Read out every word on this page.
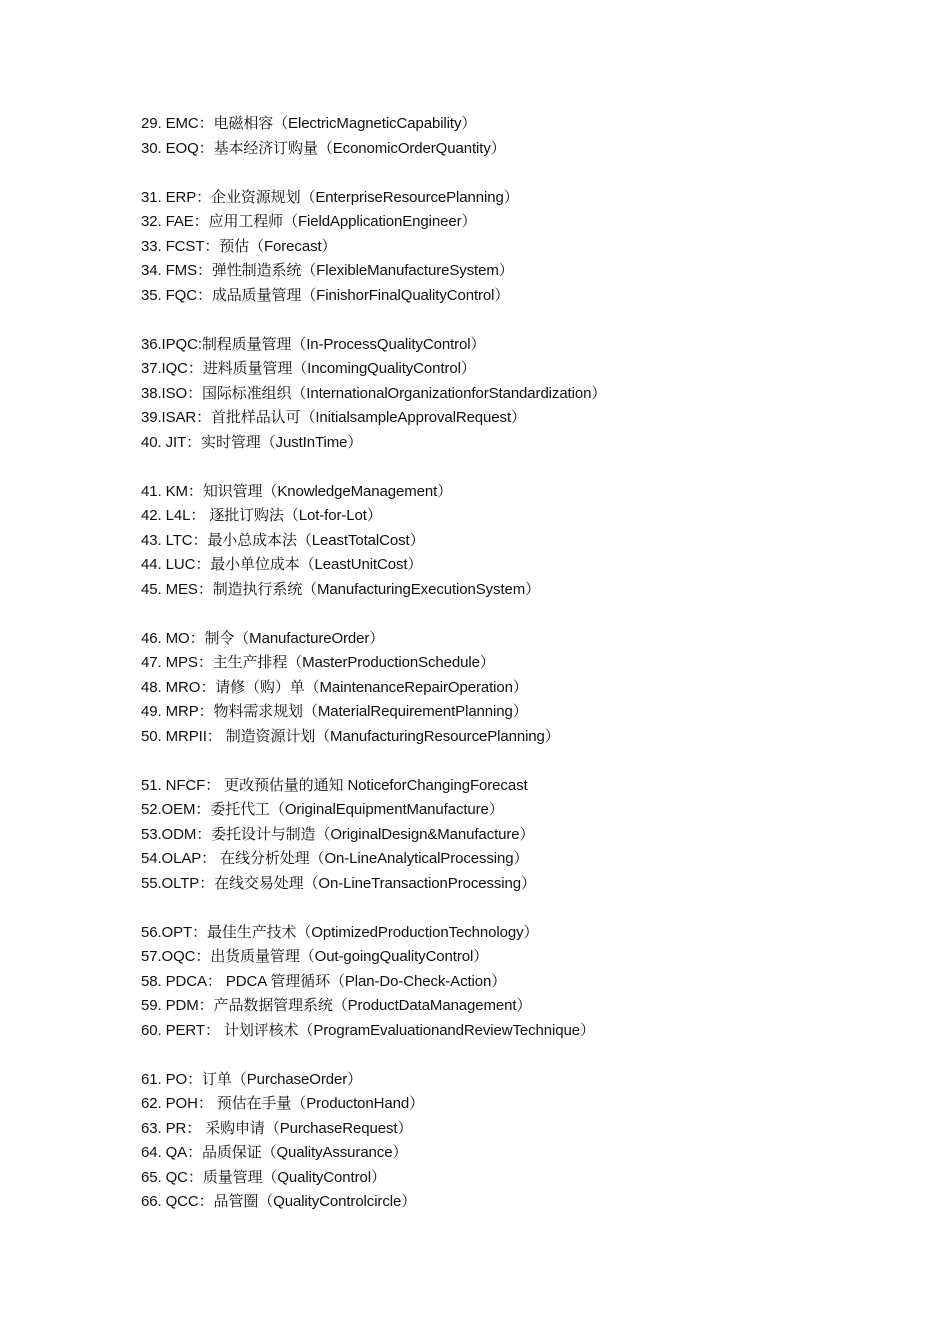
29. EMC：电磁相容（ElectricMagneticCapability）
30. EOQ：基本经济订购量（EconomicOrderQuantity）
31. ERP：企业资源规划（EnterpriseResourcePlanning）
32. FAE：应用工程师（FieldApplicationEngineer）
33. FCST：预估（Forecast）
34. FMS：弹性制造系统（FlexibleManufactureSystem）
35. FQC：成品质量管理（FinishorFinalQualityControl）
36.IPQC:制程质量管理（In-ProcessQualityControl）
37.IQC：进料质量管理（IncomingQualityControl）
38.ISO：国际标准组织（InternationalOrganizationforStandardization）
39.ISAR：首批样品认可（InitialsampleApprovalRequest）
40. JIT：实时管理（JustInTime）
41. KM：知识管理（KnowledgeManagement）
42. L4L： 逐批订购法（Lot-for-Lot）
43. LTC：最小总成本法（LeastTotalCost）
44. LUC：最小单位成本（LeastUnitCost）
45. MES：制造执行系统（ManufacturingExecutionSystem）
46. MO：制令（ManufactureOrder）
47. MPS：主生产排程（MasterProductionSchedule）
48. MRO：请修（购）单（MaintenanceRepairOperation）
49. MRP：物料需求规划（MaterialRequirementPlanning）
50. MRPII： 制造资源计划（ManufacturingResourcePlanning）
51. NFCF： 更改预估量的通知 NoticeforChangingForecast
52.OEM：委托代工（OriginalEquipmentManufacture）
53.ODM：委托设计与制造（OriginalDesign&Manufacture）
54.OLAP： 在线分析处理（On-LineAnalyticalProcessing）
55.OLTP：在线交易处理（On-LineTransactionProcessing）
56.OPT：最佳生产技术（OptimizedProductionTechnology）
57.OQC：出货质量管理（Out-goingQualityControl）
58. PDCA： PDCA 管理循环（Plan-Do-Check-Action）
59. PDM：产品数据管理系统（ProductDataManagement）
60. PERT： 计划评核术（ProgramEvaluationandReviewTechnique）
61. PO：订单（PurchaseOrder）
62. POH： 预估在手量（ProductonHand）
63. PR： 采购申请（PurchaseRequest）
64. QA：品质保证（QualityAssurance）
65. QC：质量管理（QualityControl）
66. QCC：品管圈（QualityControlcircle）
